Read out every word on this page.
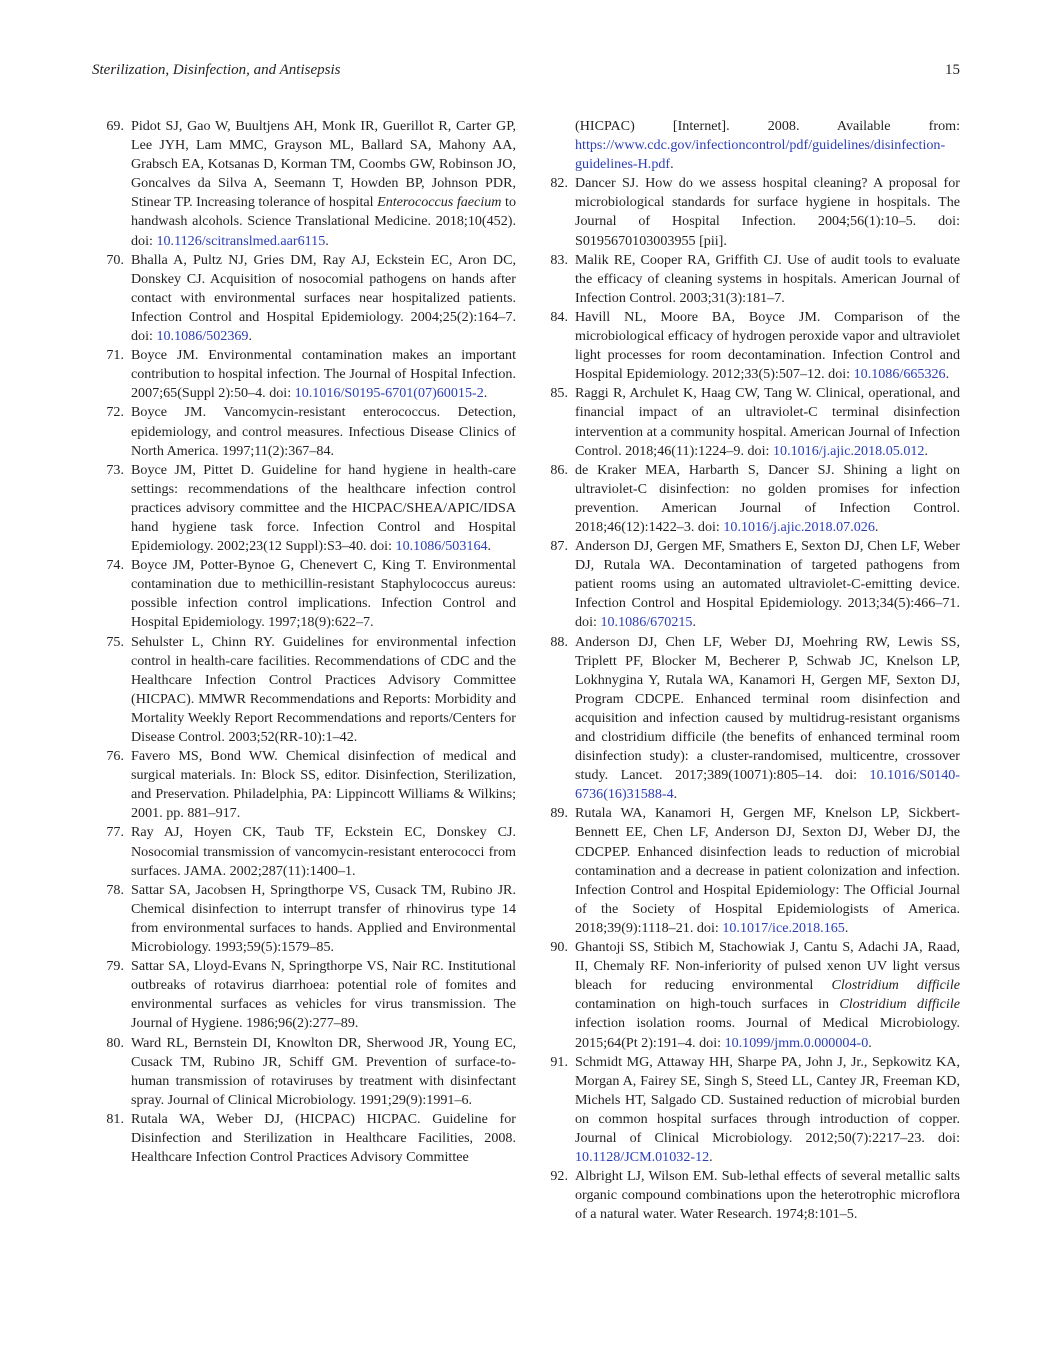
Sterilization, Disinfection, and Antisepsis	15
69. Pidot SJ, Gao W, Buultjens AH, Monk IR, Guerillot R, Carter GP, Lee JYH, Lam MMC, Grayson ML, Ballard SA, Mahony AA, Grabsch EA, Kotsanas D, Korman TM, Coombs GW, Robinson JO, Goncalves da Silva A, Seemann T, Howden BP, Johnson PDR, Stinear TP. Increasing tolerance of hospital Enterococcus faecium to handwash alcohols. Science Translational Medicine. 2018;10(452). doi: 10.1126/scitranslmed.aar6115.
70. Bhalla A, Pultz NJ, Gries DM, Ray AJ, Eckstein EC, Aron DC, Donskey CJ. Acquisition of nosocomial pathogens on hands after contact with environmental surfaces near hospitalized patients. Infection Control and Hospital Epidemiology. 2004;25(2):164–7. doi: 10.1086/502369.
71. Boyce JM. Environmental contamination makes an important contribution to hospital infection. The Journal of Hospital Infection. 2007;65(Suppl 2):50–4. doi: 10.1016/S0195-6701(07)60015-2.
72. Boyce JM. Vancomycin-resistant enterococcus. Detection, epidemiology, and control measures. Infectious Disease Clinics of North America. 1997;11(2):367–84.
73. Boyce JM, Pittet D. Guideline for hand hygiene in health-care settings: recommendations of the healthcare infection control practices advisory committee and the HICPAC/SHEA/APIC/IDSA hand hygiene task force. Infection Control and Hospital Epidemiology. 2002;23(12 Suppl):S3–40. doi: 10.1086/503164.
74. Boyce JM, Potter-Bynoe G, Chenevert C, King T. Environmental contamination due to methicillin-resistant Staphylococcus aureus: possible infection control implications. Infection Control and Hospital Epidemiology. 1997;18(9):622–7.
75. Sehulster L, Chinn RY. Guidelines for environmental infection control in health-care facilities. Recommendations of CDC and the Healthcare Infection Control Practices Advisory Committee (HICPAC). MMWR Recommendations and Reports: Morbidity and Mortality Weekly Report Recommendations and reports/Centers for Disease Control. 2003;52(RR-10):1–42.
76. Favero MS, Bond WW. Chemical disinfection of medical and surgical materials. In: Block SS, editor. Disinfection, Sterilization, and Preservation. Philadelphia, PA: Lippincott Williams & Wilkins; 2001. pp. 881–917.
77. Ray AJ, Hoyen CK, Taub TF, Eckstein EC, Donskey CJ. Nosocomial transmission of vancomycin-resistant enterococci from surfaces. JAMA. 2002;287(11):1400–1.
78. Sattar SA, Jacobsen H, Springthorpe VS, Cusack TM, Rubino JR. Chemical disinfection to interrupt transfer of rhinovirus type 14 from environmental surfaces to hands. Applied and Environmental Microbiology. 1993;59(5):1579–85.
79. Sattar SA, Lloyd-Evans N, Springthorpe VS, Nair RC. Institutional outbreaks of rotavirus diarrhoea: potential role of fomites and environmental surfaces as vehicles for virus transmission. The Journal of Hygiene. 1986;96(2):277–89.
80. Ward RL, Bernstein DI, Knowlton DR, Sherwood JR, Young EC, Cusack TM, Rubino JR, Schiff GM. Prevention of surface-to-human transmission of rotaviruses by treatment with disinfectant spray. Journal of Clinical Microbiology. 1991;29(9):1991–6.
81. Rutala WA, Weber DJ, (HICPAC) HICPAC. Guideline for Disinfection and Sterilization in Healthcare Facilities, 2008. Healthcare Infection Control Practices Advisory Committee
(HICPAC) [Internet]. 2008. Available from: https://www.cdc.gov/infectioncontrol/pdf/guidelines/disinfection-guidelines-H.pdf.
82. Dancer SJ. How do we assess hospital cleaning? A proposal for microbiological standards for surface hygiene in hospitals. The Journal of Hospital Infection. 2004;56(1):10–5. doi: S0195670103003955 [pii].
83. Malik RE, Cooper RA, Griffith CJ. Use of audit tools to evaluate the efficacy of cleaning systems in hospitals. American Journal of Infection Control. 2003;31(3):181–7.
84. Havill NL, Moore BA, Boyce JM. Comparison of the microbiological efficacy of hydrogen peroxide vapor and ultraviolet light processes for room decontamination. Infection Control and Hospital Epidemiology. 2012;33(5):507–12. doi: 10.1086/665326.
85. Raggi R, Archulet K, Haag CW, Tang W. Clinical, operational, and financial impact of an ultraviolet-C terminal disinfection intervention at a community hospital. American Journal of Infection Control. 2018;46(11):1224–9. doi: 10.1016/j.ajic.2018.05.012.
86. de Kraker MEA, Harbarth S, Dancer SJ. Shining a light on ultraviolet-C disinfection: no golden promises for infection prevention. American Journal of Infection Control. 2018;46(12):1422–3. doi: 10.1016/j.ajic.2018.07.026.
87. Anderson DJ, Gergen MF, Smathers E, Sexton DJ, Chen LF, Weber DJ, Rutala WA. Decontamination of targeted pathogens from patient rooms using an automated ultraviolet-C-emitting device. Infection Control and Hospital Epidemiology. 2013;34(5):466–71. doi: 10.1086/670215.
88. Anderson DJ, Chen LF, Weber DJ, Moehring RW, Lewis SS, Triplett PF, Blocker M, Becherer P, Schwab JC, Knelson LP, Lokhnygina Y, Rutala WA, Kanamori H, Gergen MF, Sexton DJ, Program CDCPE. Enhanced terminal room disinfection and acquisition and infection caused by multidrug-resistant organisms and clostridium difficile (the benefits of enhanced terminal room disinfection study): a cluster-randomised, multicentre, crossover study. Lancet. 2017;389(10071):805–14. doi: 10.1016/S0140-6736(16)31588-4.
89. Rutala WA, Kanamori H, Gergen MF, Knelson LP, Sickbert-Bennett EE, Chen LF, Anderson DJ, Sexton DJ, Weber DJ, the CDCPEP. Enhanced disinfection leads to reduction of microbial contamination and a decrease in patient colonization and infection. Infection Control and Hospital Epidemiology: The Official Journal of the Society of Hospital Epidemiologists of America. 2018;39(9):1118–21. doi: 10.1017/ice.2018.165.
90. Ghantoji SS, Stibich M, Stachowiak J, Cantu S, Adachi JA, Raad, II, Chemaly RF. Non-inferiority of pulsed xenon UV light versus bleach for reducing environmental Clostridium difficile contamination on high-touch surfaces in Clostridium difficile infection isolation rooms. Journal of Medical Microbiology. 2015;64(Pt 2):191–4. doi: 10.1099/jmm.0.000004-0.
91. Schmidt MG, Attaway HH, Sharpe PA, John J, Jr., Sepkowitz KA, Morgan A, Fairey SE, Singh S, Steed LL, Cantey JR, Freeman KD, Michels HT, Salgado CD. Sustained reduction of microbial burden on common hospital surfaces through introduction of copper. Journal of Clinical Microbiology. 2012;50(7):2217–23. doi: 10.1128/JCM.01032-12.
92. Albright LJ, Wilson EM. Sub-lethal effects of several metallic salts organic compound combinations upon the heterotrophic microflora of a natural water. Water Research. 1974;8:101–5.
